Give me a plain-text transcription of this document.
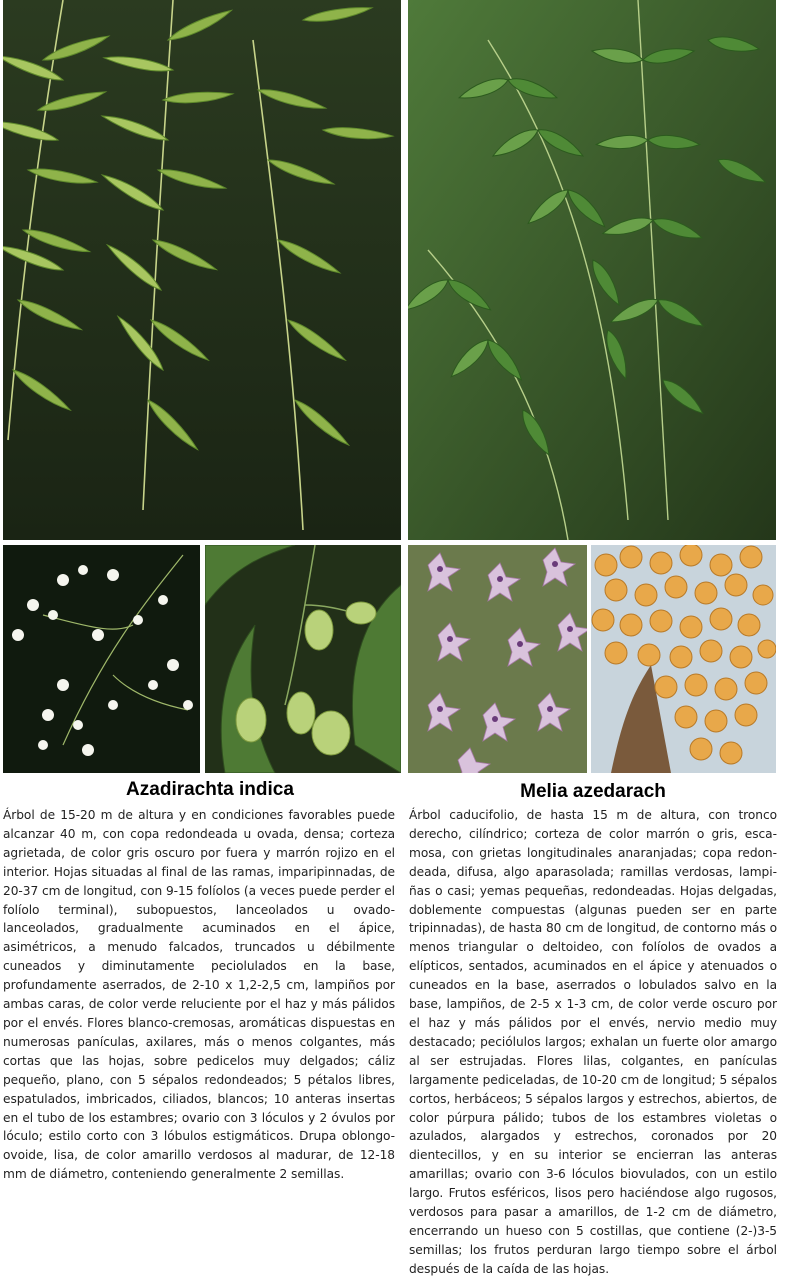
Azadirachta indica	Melia azedarach
Árbol de 15-20 m de altura y en condiciones favorables puede alcanzar 40 m, con copa redondeada u ovada, densa; corteza agrietada, de color gris oscuro por fuera y marrón rojizo en el interior. Hojas situadas al final de las ramas, imparipinnadas, de 20-37 cm de longitud, con 9-15 folíolos (a veces puede perder el folíolo terminal), subopuestos, lanceolados u ovado-lanceolados, gradualmente acuminados en el ápice, asimétricos, a menudo falcados, truncados u débilmente cuneados y diminutamente peciolulados en la base, profundamente aserrados, de 2-10 x 1,2-2,5 cm, lampiños por ambas caras, de color verde reluciente por el haz y más pálidos por el envés. Flores blanco-cremosas, aromáticas dispuestas en numerosas panículas, axilares, más o menos colgantes, más cortas que las hojas, sobre pedicelos muy delgados; cáliz pequeño, plano, con 5 sépalos redondeados; 5 pétalos libres, espatulados, imbricados, ciliados, blancos; 10 anteras insertas en el tubo de los estambres; ovario con 3 lóculos y 2 óvulos por lóculo; estilo corto con 3 lóbulos estigmáticos. Drupa oblongo-ovoide, lisa, de color amarillo verdosos al madurar, de 12-18 mm de diámetro, conteniendo generalmente 2 semillas.
Árbol caducifolio, de hasta 15 m de altura, con tronco derecho, cilíndrico; corteza de color marrón o gris, escamosa, con grietas longitudinales anaranjadas; copa redondeada, difusa, algo aparasolada; ramillas verdosas, lampiñas o casi; yemas pequeñas, redondeadas. Hojas delgadas, doblemente compuestas (algunas pueden ser en parte tripinnadas), de hasta 80 cm de longitud, de contorno más o menos triangular o deltoideo, con folíolos de ovados a elípticos, sentados, acuminados en el ápice y atenuados o cuneados en la base, aserrados o lobulados salvo en la base, lampiños, de 2-5 x 1-3 cm, de color verde oscuro por el haz y más pálidos por el envés, nervio medio muy destacado; peciólulos largos; exhalan un fuerte olor amargo al ser estrujadas. Flores lilas, colgantes, en panículas largamente pediceladas, de 10-20 cm de longitud; 5 sépalos cortos, herbáceos; 5 sépalos largos y estrechos, abiertos, de color púrpura pálido; tubos de los estambres violetas o azulados, alargados y estrechos, coronados por 20 dientecillos, y en su interior se encierran las anteras amarillas; ovario con 3-6 lóculos biovulados, con un estilo largo. Frutos esféricos, lisos pero haciéndose algo rugosos, verdosos para pasar a amarillos, de 1-2 cm de diámetro, encerrando un hueso con 5 costillas, que contiene (2-)3-5 semillas; los frutos perduran largo tiempo sobre el árbol después de la caída de las hojas.
